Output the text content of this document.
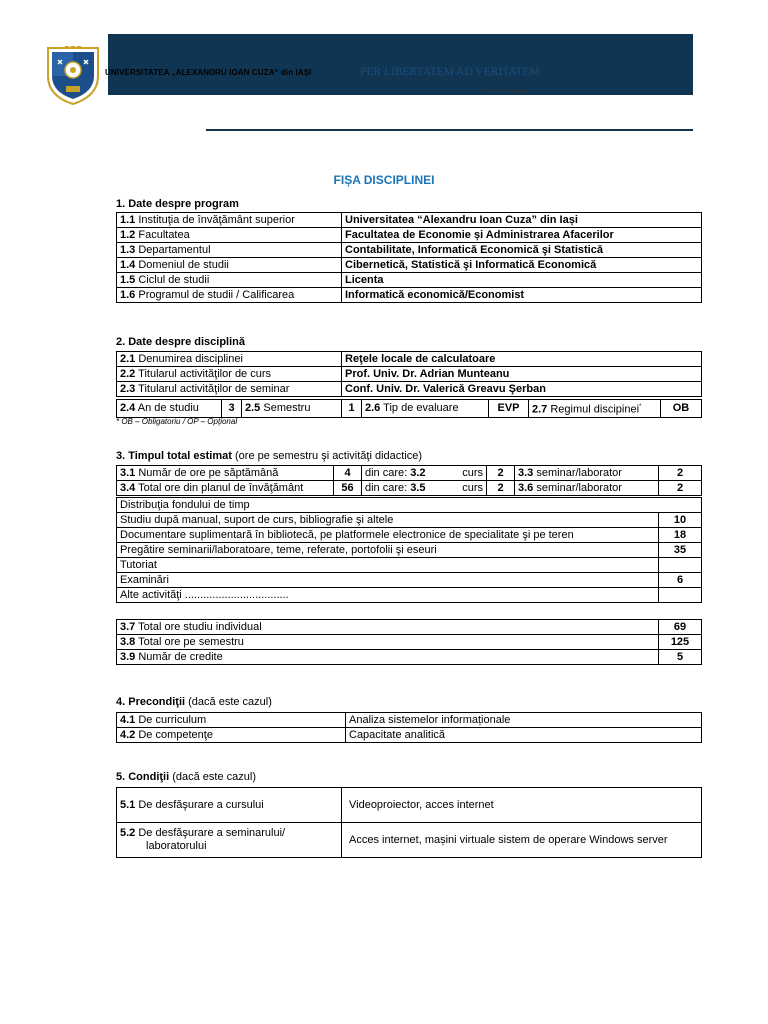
UNIVERSITATEA „ALEXANDRU IOAN CUZA“ din IAȘI	PER LIBERTATEM AD VERITATEM
www.uaic.ro
FIȘA DISCIPLINEI
1. Date despre program
1.1 Instituţia de învăţământ superior	Universitatea “Alexandru Ioan Cuza” din Iași
1.2 Facultatea	Facultatea de Economie și Administrarea Afacerilor
1.3 Departamentul	Contabilitate, Informatică Economică şi Statistică
1.4 Domeniul de studii	Cibernetică, Statistică şi Informatică Economică
1.5 Ciclul de studii	Licenta
1.6 Programul de studii / Calificarea	Informatică economică/Economist
2. Date despre disciplină
2.1 Denumirea disciplinei	Reţele locale de calculatoare
2.2 Titularul activităţilor de curs	Prof. Univ. Dr. Adrian Munteanu
2.3 Titularul activităţilor de seminar	Conf. Univ. Dr. Valerică Greavu Şerban
2.4 An de studiu	3	2.5 Semestru	1	2.6 Tip de evaluare	EVP	2.7 Regimul discipinei*	OB
* OB – Obligatoriu / OP – Opţional
3. Timpul total estimat (ore pe semestru şi activităţi didactice)
3.1 Număr de ore pe săptămână	4	din care: 3.2 curs	2	3.3 seminar/laborator	2
3.4 Total ore din planul de învăţământ	56	din care: 3.5 curs	2	3.6 seminar/laborator	2
Distribuţia fondului de timp	
Studiu după manual, suport de curs, bibliografie şi altele	10
Documentare suplimentară în bibliotecă, pe platformele electronice de specialitate şi pe teren	18
Pregătire seminarii/laboratoare, teme, referate, portofolii şi eseuri	35
Tutoriat	
Examinări	6
Alte activităţi ..................................	
3.7 Total ore studiu individual	69
3.8 Total ore pe semestru	125
3.9 Număr de credite	5
4. Precondiţii (dacă este cazul)
4.1 De curriculum	Analiza sistemelor informaționale
4.2 De competenţe	Capacitate analitică
5. Condiţii (dacă este cazul)
5.1 De desfăşurare a cursului	Videoproiector, acces internet
5.2 De desfăşurare a seminarului/
laboratorului	Acces internet, mașini virtuale sistem de operare Windows server
